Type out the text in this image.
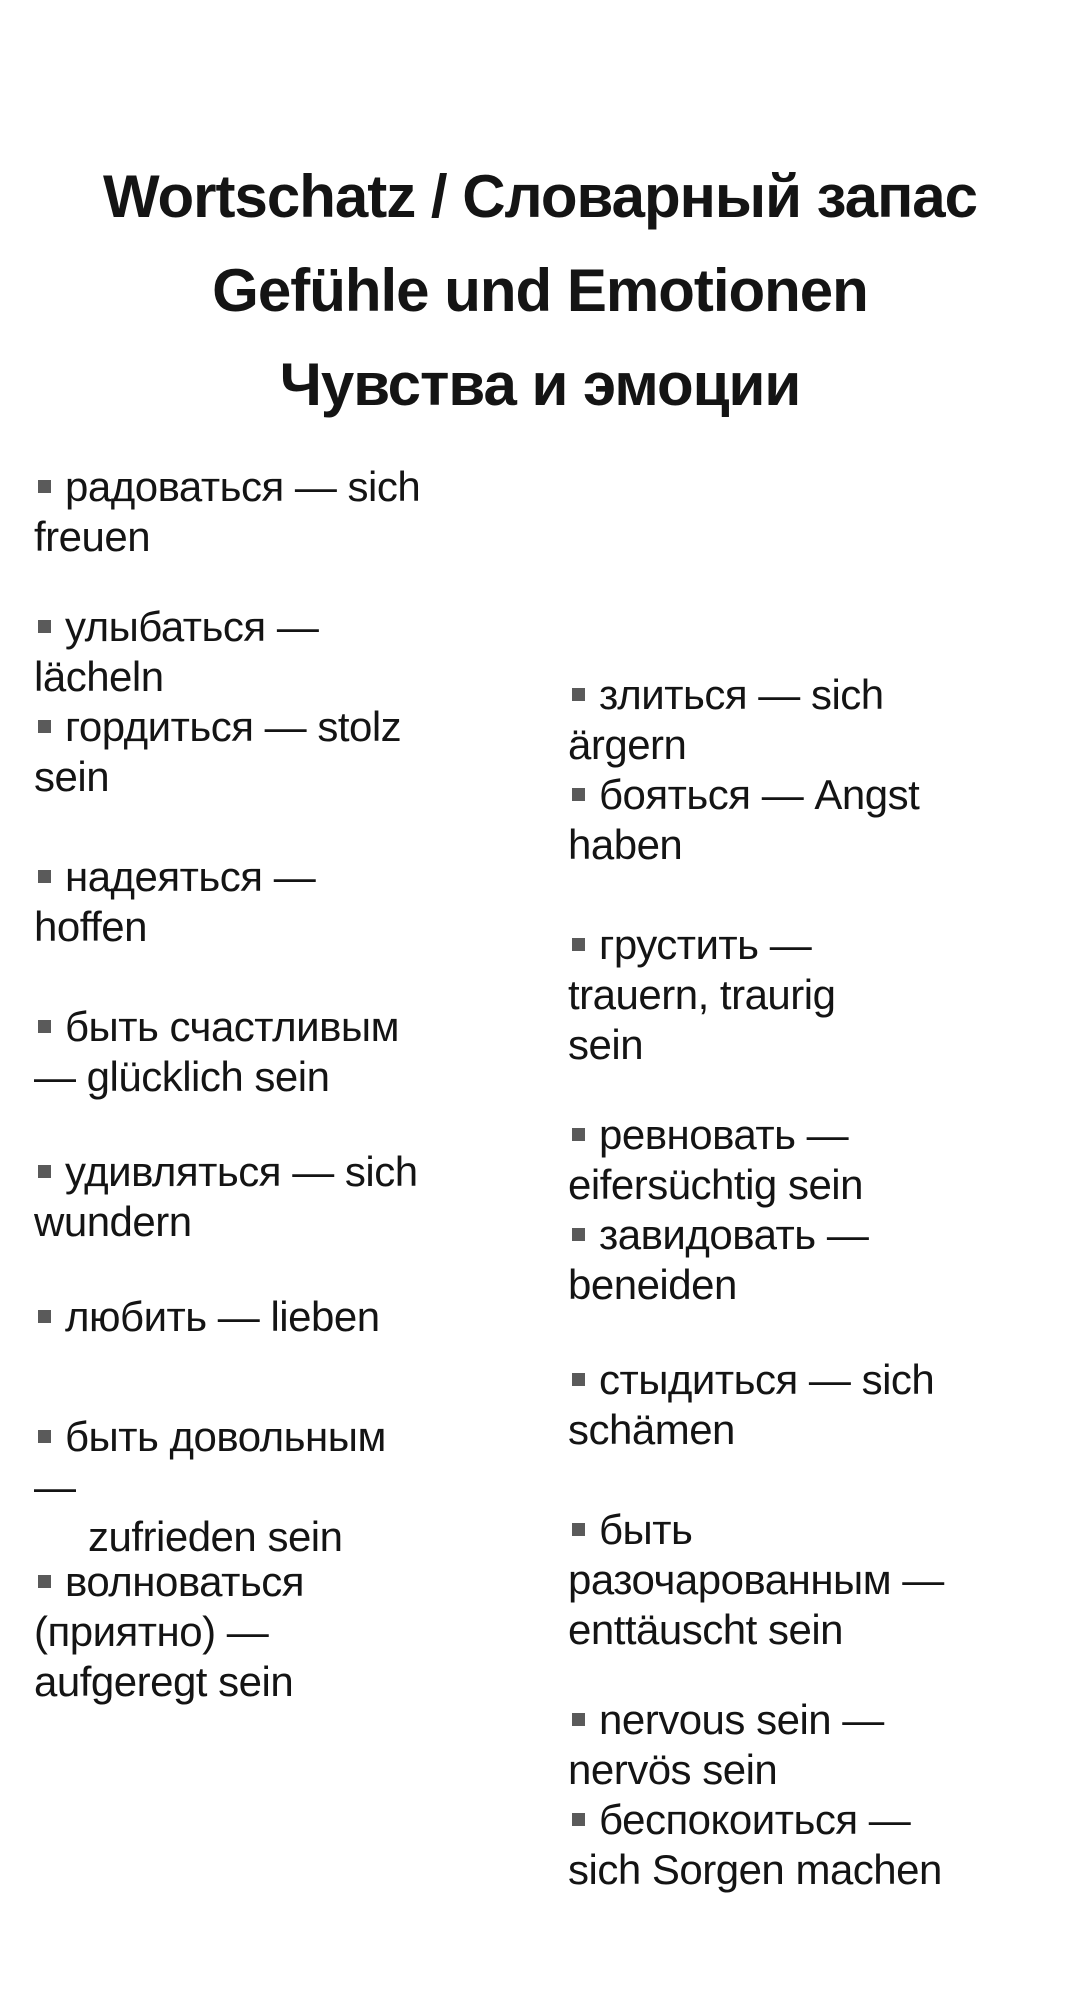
Wortschatz / Словарный запас
Gefühle und Emotionen
Чувства и эмоции
радоваться — sich
freuen
улыбаться —
lächeln
гордиться — stolz
sein
надеяться —
hoffen
быть счастливым
— glücklich sein
удивляться — sich
wundern
любить — lieben
быть довольным
—
zufrieden sein
волноваться
(приятно) —
aufgeregt sein
злиться — sich
ärgern
бояться — Angst
haben
грустить —
trauern, traurig
sein
ревновать —
eifersüchtig sein
завидовать —
beneiden
стыдиться — sich
schämen
быть
разочарованным —
enttäuscht sein
nervous sein —
nervös sein
беспокоиться —
sich Sorgen machen
